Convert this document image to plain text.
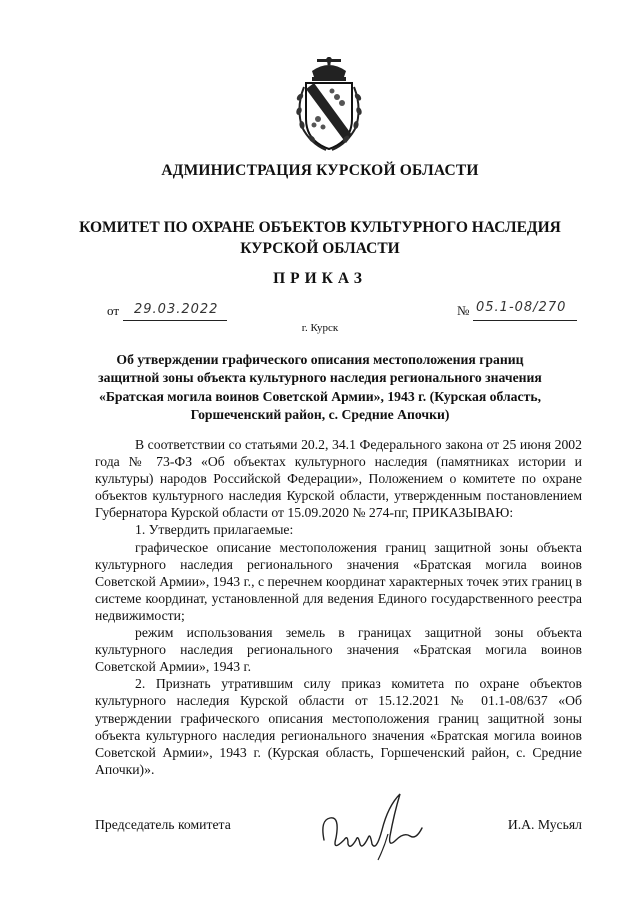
АДМИНИСТРАЦИЯ КУРСКОЙ ОБЛАСТИ
КОМИТЕТ ПО ОХРАНЕ ОБЪЕКТОВ КУЛЬТУРНОГО НАСЛЕДИЯ
КУРСКОЙ ОБЛАСТИ
ПРИКАЗ
от 29.03.2022	№ 05.1-08/270
г. Курск
Об утверждении графического описания местоположения границ защитной зоны объекта культурного наследия регионального значения «Братская могила воинов Советской Армии», 1943 г. (Курская область, Горшеченский район, с. Средние Апочки)

В соответствии со статьями 20.2, 34.1 Федерального закона от 25 июня 2002 года № 73-ФЗ «Об объектах культурного наследия (памятниках истории и культуры) народов Российской Федерации», Положением о комитете по охране объектов культурного наследия Курской области, утвержденным постановлением Губернатора Курской области от 15.09.2020 № 274-пг, ПРИКАЗЫВАЮ:

1. Утвердить прилагаемые:

графическое описание местоположения границ защитной зоны объекта культурного наследия регионального значения «Братская могила воинов Советской Армии», 1943 г., с перечнем координат характерных точек этих границ в системе координат, установленной для ведения Единого государственного реестра недвижимости;

режим использования земель в границах защитной зоны объекта культурного наследия регионального значения «Братская могила воинов Советской Армии», 1943 г.

2. Признать утратившим силу приказ комитета по охране объектов культурного наследия Курской области от 15.12.2021 № 01.1-08/637 «Об утверждении графического описания местоположения границ защитной зоны объекта культурного наследия регионального значения «Братская могила воинов Советской Армии», 1943 г. (Курская область, Горшеченский район, с. Средние Апочки)».

Председатель комитета	И.А. Мусьял
